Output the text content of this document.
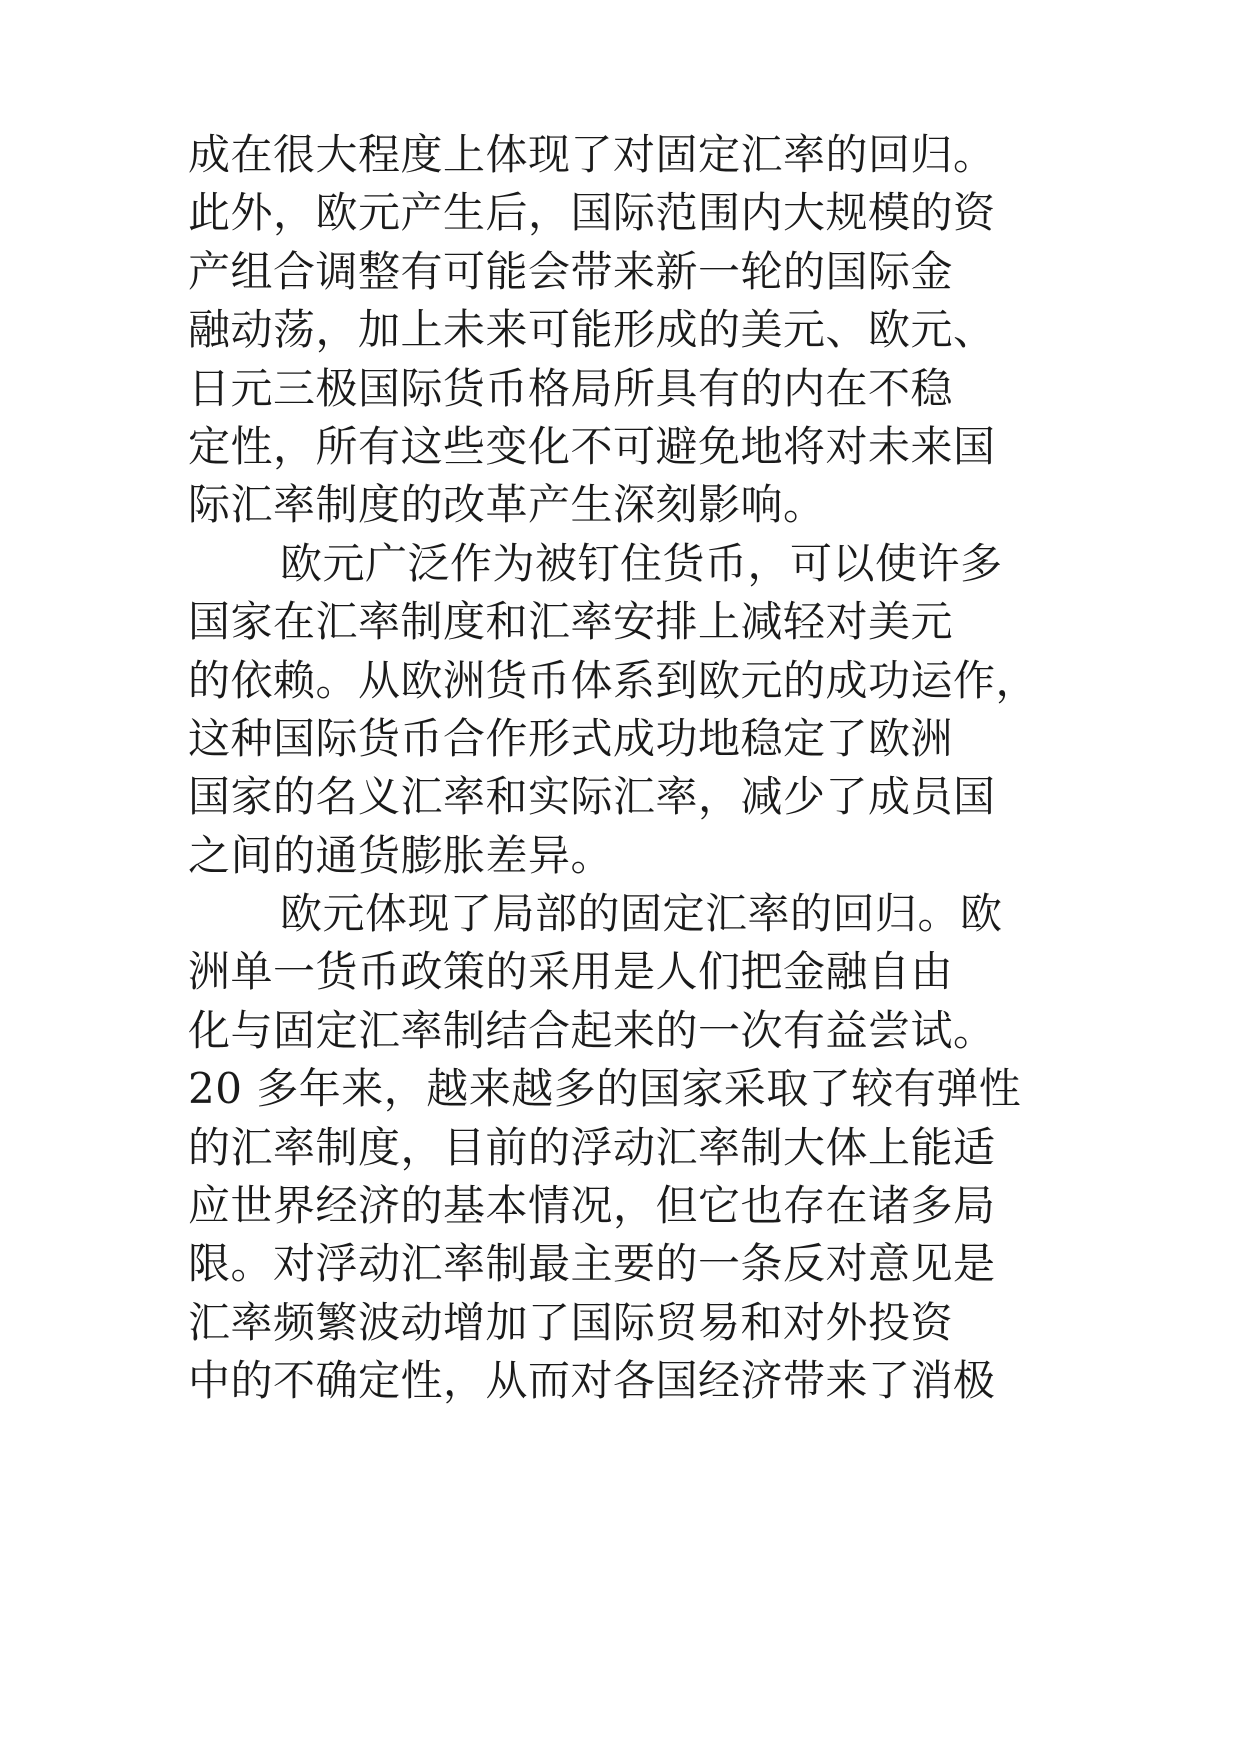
成在很大程度上体现了对固定汇率的回归。
此外，欧元产生后，国际范围内大规模的资
产组合调整有可能会带来新一轮的国际金
融动荡，加上未来可能形成的美元、欧元、
日元三极国际货币格局所具有的内在不稳
定性，所有这些变化不可避免地将对未来国
际汇率制度的改革产生深刻影响。
欧元广泛作为被钉住货币，可以使许多
国家在汇率制度和汇率安排上减轻对美元
的依赖。从欧洲货币体系到欧元的成功运作，
这种国际货币合作形式成功地稳定了欧洲
国家的名义汇率和实际汇率，减少了成员国
之间的通货膨胀差异。
欧元体现了局部的固定汇率的回归。欧
洲单一货币政策的采用是人们把金融自由
化与固定汇率制结合起来的一次有益尝试。
20 多年来，越来越多的国家采取了较有弹性
的汇率制度，目前的浮动汇率制大体上能适
应世界经济的基本情况，但它也存在诸多局
限。对浮动汇率制最主要的一条反对意见是
汇率频繁波动增加了国际贸易和对外投资
中的不确定性，从而对各国经济带来了消极
